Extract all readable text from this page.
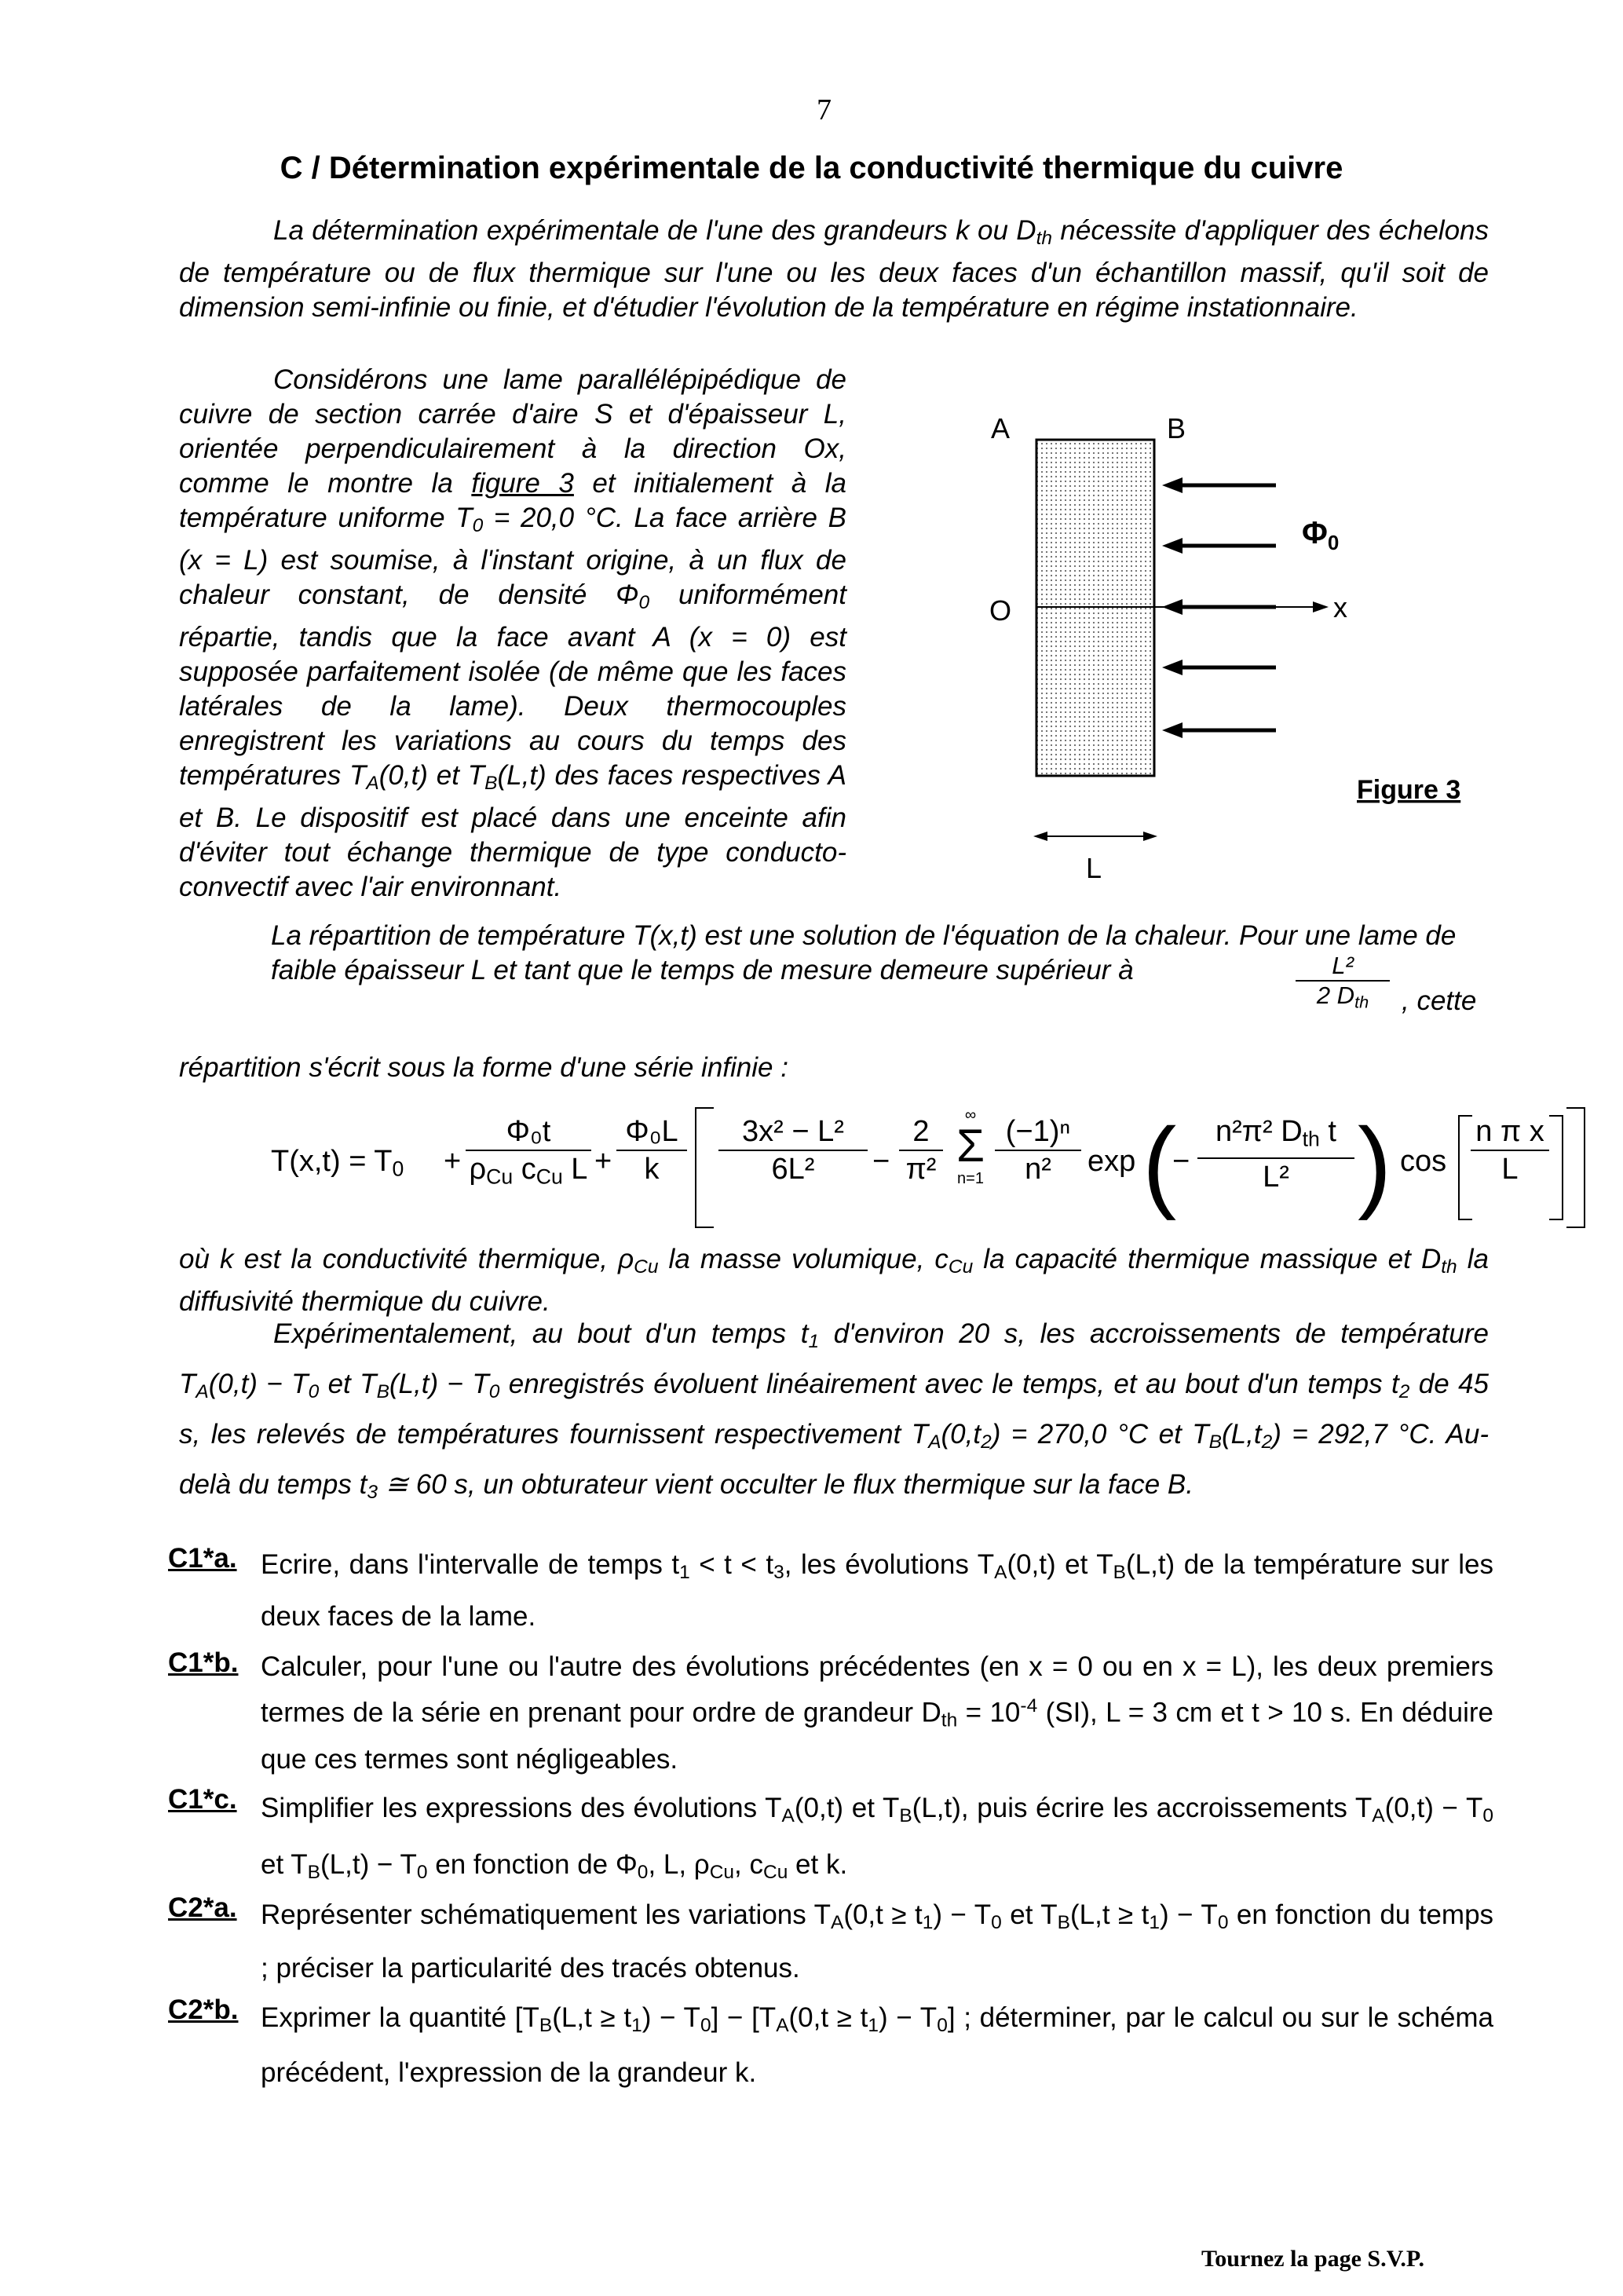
7
C / Détermination expérimentale de la conductivité thermique du cuivre
La détermination expérimentale de l'une des grandeurs k ou $D_{th}$ nécessite d'appliquer des échelons de température ou de flux thermique sur l'une ou les deux faces d'un échantillon massif, qu'il soit de dimension semi-infinie ou finie, et d'étudier l'évolution de la température en régime instationnaire.
Considérons une lame parallélépipédique de cuivre de section carrée d'aire S et d'épaisseur L, orientée perpendiculairement à la direction Ox, comme le montre la figure 3 et initialement à la température uniforme $T_0 = 20,0$ °C. La face arrière B (x = L) est soumise, à l'instant origine, à un flux de chaleur constant, de densité $\Phi_0$ uniformément répartie, tandis que la face avant A (x = 0) est supposée parfaitement isolée (de même que les faces latérales de la lame). Deux thermocouples enregistrent les variations au cours du temps des températures $T_A(0,t)$ et $T_B(L,t)$ des faces respectives A et B. Le dispositif est placé dans une enceinte afin d'éviter tout échange thermique de type conducto-convectif avec l'air environnant.
A	B
O	x
$\Phi_0$
Figure 3
L
La répartition de température T(x,t) est une solution de l'équation de la chaleur. Pour une lame de faible épaisseur L et tant que le temps de mesure demeure supérieur à	L²
2 $D_{th}$	, cette
répartition s'écrit sous la forme d'une série infinie :
$T(x,t) = T_0$ +
Φ₀t
$\rho_{Cu}$ $c_{Cu}$ L +
Φ₀L
k
3x² − L²
6L²	−
2
π²
∞
Σ
n=1
(−1)ⁿ
n²	exp (
−
n²π² $D_{th}$ t
L² ) cos
n π x
L
où k est la conductivité thermique, $\rho_{Cu}$ la masse volumique, $c_{Cu}$ la capacité thermique massique et $D_{th}$ la diffusivité thermique du cuivre.
Expérimentalement, au bout d'un temps $t_1$ d'environ 20 s, les accroissements de température $T_A(0,t) - T_0$ et $T_B(L,t) - T_0$ enregistrés évoluent linéairement avec le temps, et au bout d'un temps $t_2$ de 45 s, les relevés de températures fournissent respectivement $T_A(0,t_2) = 270,0$ °C et $T_B(L,t_2) = 292,7$ °C. Au-delà du temps $t_3$ ≅ 60 s, un obturateur vient occulter le flux thermique sur la face B.
C1*a. Ecrire, dans l'intervalle de temps $t_1 < t < t_3$, les évolutions $T_A(0,t)$ et $T_B(L,t)$ de la température sur les deux faces de la lame.
C1*b. Calculer, pour l'une ou l'autre des évolutions précédentes (en x = 0 ou en x = L), les deux premiers termes de la série en prenant pour ordre de grandeur $D_{th} = 10^{-4}$ (SI), L = 3 cm et t > 10 s. En déduire que ces termes sont négligeables.
C1*c. Simplifier les expressions des évolutions $T_A(0,t)$ et $T_B(L,t)$, puis écrire les accroissements $T_A(0,t) - T_0$ et $T_B(L,t) - T_0$ en fonction de $\Phi_0$, L, $\rho_{Cu}$, $c_{Cu}$ et k.
C2*a. Représenter schématiquement les variations $T_A(0,t \ge t_1) - T_0$ et $T_B(L,t \ge t_1) - T_0$ en fonction du temps ; préciser la particularité des tracés obtenus.
C2*b. Exprimer la quantité $[T_B(L,t \ge t_1) - T_0] - [T_A(0,t \ge t_1) - T_0]$ ; déterminer, par le calcul ou sur le schéma précédent, l'expression de la grandeur k.
Tournez la page S.V.P.
